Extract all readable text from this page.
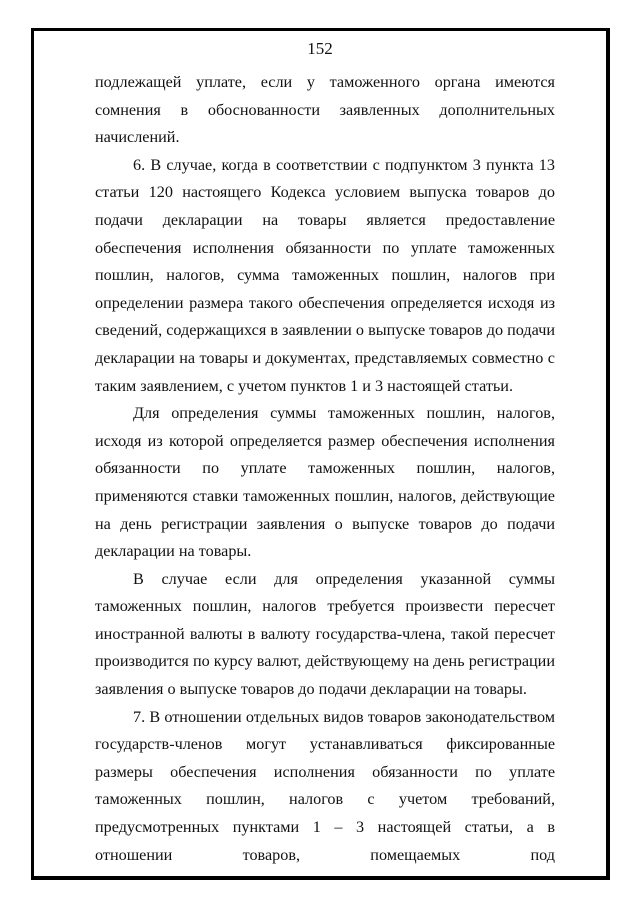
152

подлежащей уплате, если у таможенного органа имеются сомнения в обоснованности заявленных дополнительных начислений.

6. В случае, когда в соответствии с подпунктом 3 пункта 13 статьи 120 настоящего Кодекса условием выпуска товаров до подачи декларации на товары является предоставление обеспечения исполнения обязанности по уплате таможенных пошлин, налогов, сумма таможенных пошлин, налогов при определении размера такого обеспечения определяется исходя из сведений, содержащихся в заявлении о выпуске товаров до подачи декларации на товары и документах, представляемых совместно с таким заявлением, с учетом пунктов 1 и 3 настоящей статьи.

Для определения суммы таможенных пошлин, налогов, исходя из которой определяется размер обеспечения исполнения обязанности по уплате таможенных пошлин, налогов, применяются ставки таможенных пошлин, налогов, действующие на день регистрации заявления о выпуске товаров до подачи декларации на товары.

В случае если для определения указанной суммы таможенных пошлин, налогов требуется произвести пересчет иностранной валюты в валюту государства-члена, такой пересчет производится по курсу валют, действующему на день регистрации заявления о выпуске товаров до подачи декларации на товары.

7. В отношении отдельных видов товаров законодательством государств-членов могут устанавливаться фиксированные размеры обеспечения исполнения обязанности по уплате таможенных пошлин, налогов с учетом требований, предусмотренных пунктами 1 – 3 настоящей статьи, а в отношении товаров, помещаемых под
